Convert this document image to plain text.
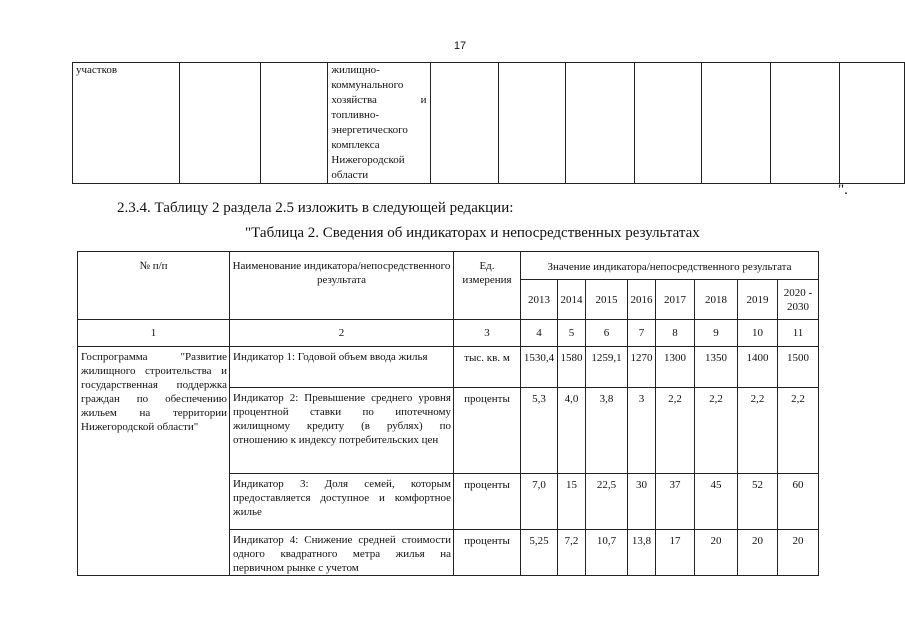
17
участков			жилищно-коммунального хозяйства и топливно-энергетического комплекса Нижегородской области							
".
2.3.4. Таблицу 2 раздела 2.5 изложить в следующей редакции:
"Таблица 2. Сведения об индикаторах и непосредственных результатах
№ п/п	Наименование индикатора/непосредственного результата	Ед. измерения	Значение индикатора/непосредственного результата							
			2013	2014	2015	2016	2017	2018	2019	2020 - 2030
1	2	3	4	5	6	7	8	9	10	11
Госпрограмма "Развитие жилищного строительства и государственная поддержка граждан по обеспечению жильем на территории Нижегородской области"	Индикатор 1: Годовой объем ввода жилья	тыс. кв. м	1530,4	1580	1259,1	1270	1300	1350	1400	1500
	Индикатор 2: Превышение среднего уровня процентной ставки по ипотечному жилищному кредиту (в рублях) по отношению к индексу потребительских цен	проценты	5,3	4,0	3,8	3	2,2	2,2	2,2	2,2
	Индикатор 3: Доля семей, которым предоставляется доступное и комфортное жилье	проценты	7,0	15	22,5	30	37	45	52	60
	Индикатор 4: Снижение средней стоимости одного квадратного метра жилья на первичном рынке с учетом	проценты	5,25	7,2	10,7	13,8	17	20	20	20
